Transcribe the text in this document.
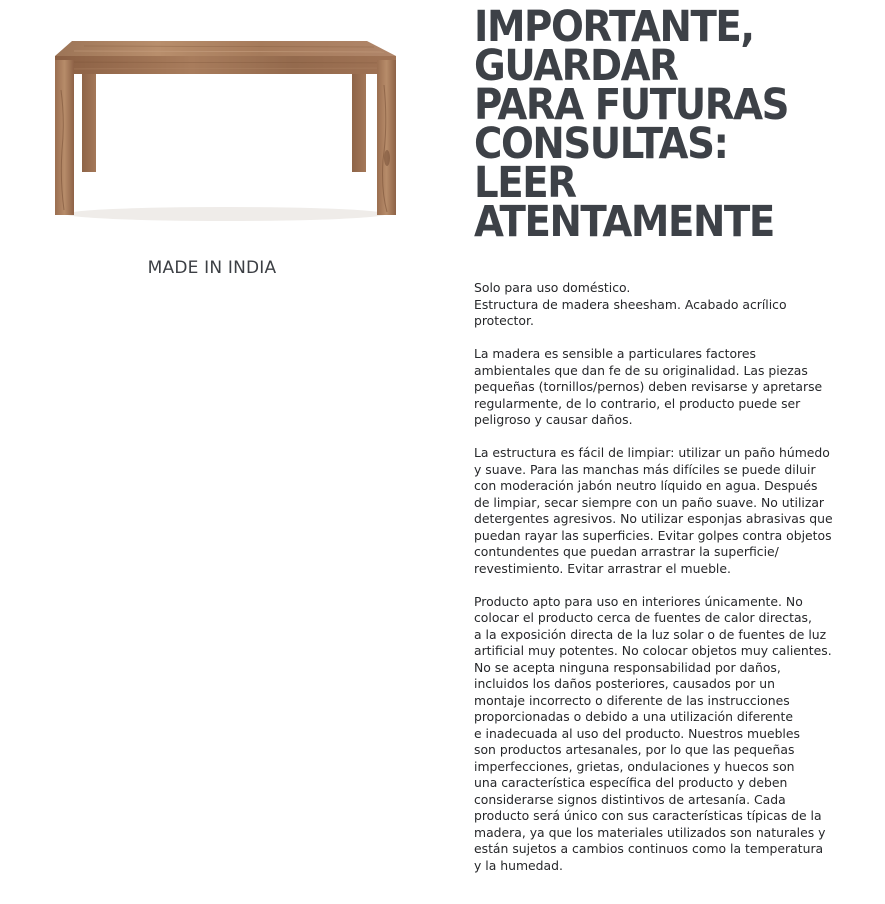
MADE IN INDIA
IMPORTANTE,
GUARDAR
PARA FUTURAS
CONSULTAS:
LEER
ATENTAMENTE

Solo para uso doméstico.
Estructura de madera sheesham. Acabado acrílico
protector.

La madera es sensible a particulares factores
ambientales que dan fe de su originalidad. Las piezas
pequeñas (tornillos/pernos) deben revisarse y apretarse
regularmente, de lo contrario, el producto puede ser
peligroso y causar daños.

La estructura es fácil de limpiar: utilizar un paño húmedo
y suave. Para las manchas más difíciles se puede diluir
con moderación jabón neutro líquido en agua. Después
de limpiar, secar siempre con un paño suave. No utilizar
detergentes agresivos. No utilizar esponjas abrasivas que
puedan rayar las superficies. Evitar golpes contra objetos
contundentes que puedan arrastrar la superficie/
revestimiento. Evitar arrastrar el mueble.

Producto apto para uso en interiores únicamente. No
colocar el producto cerca de fuentes de calor directas,
a la exposición directa de la luz solar o de fuentes de luz
artificial muy potentes. No colocar objetos muy calientes.
No se acepta ninguna responsabilidad por daños,
incluidos los daños posteriores, causados por un
montaje incorrecto o diferente de las instrucciones
proporcionadas o debido a una utilización diferente
e inadecuada al uso del producto. Nuestros muebles
son productos artesanales, por lo que las pequeñas
imperfecciones, grietas, ondulaciones y huecos son
una característica específica del producto y deben
considerarse signos distintivos de artesanía. Cada
producto será único con sus características típicas de la
madera, ya que los materiales utilizados son naturales y
están sujetos a cambios continuos como la temperatura
y la humedad.
